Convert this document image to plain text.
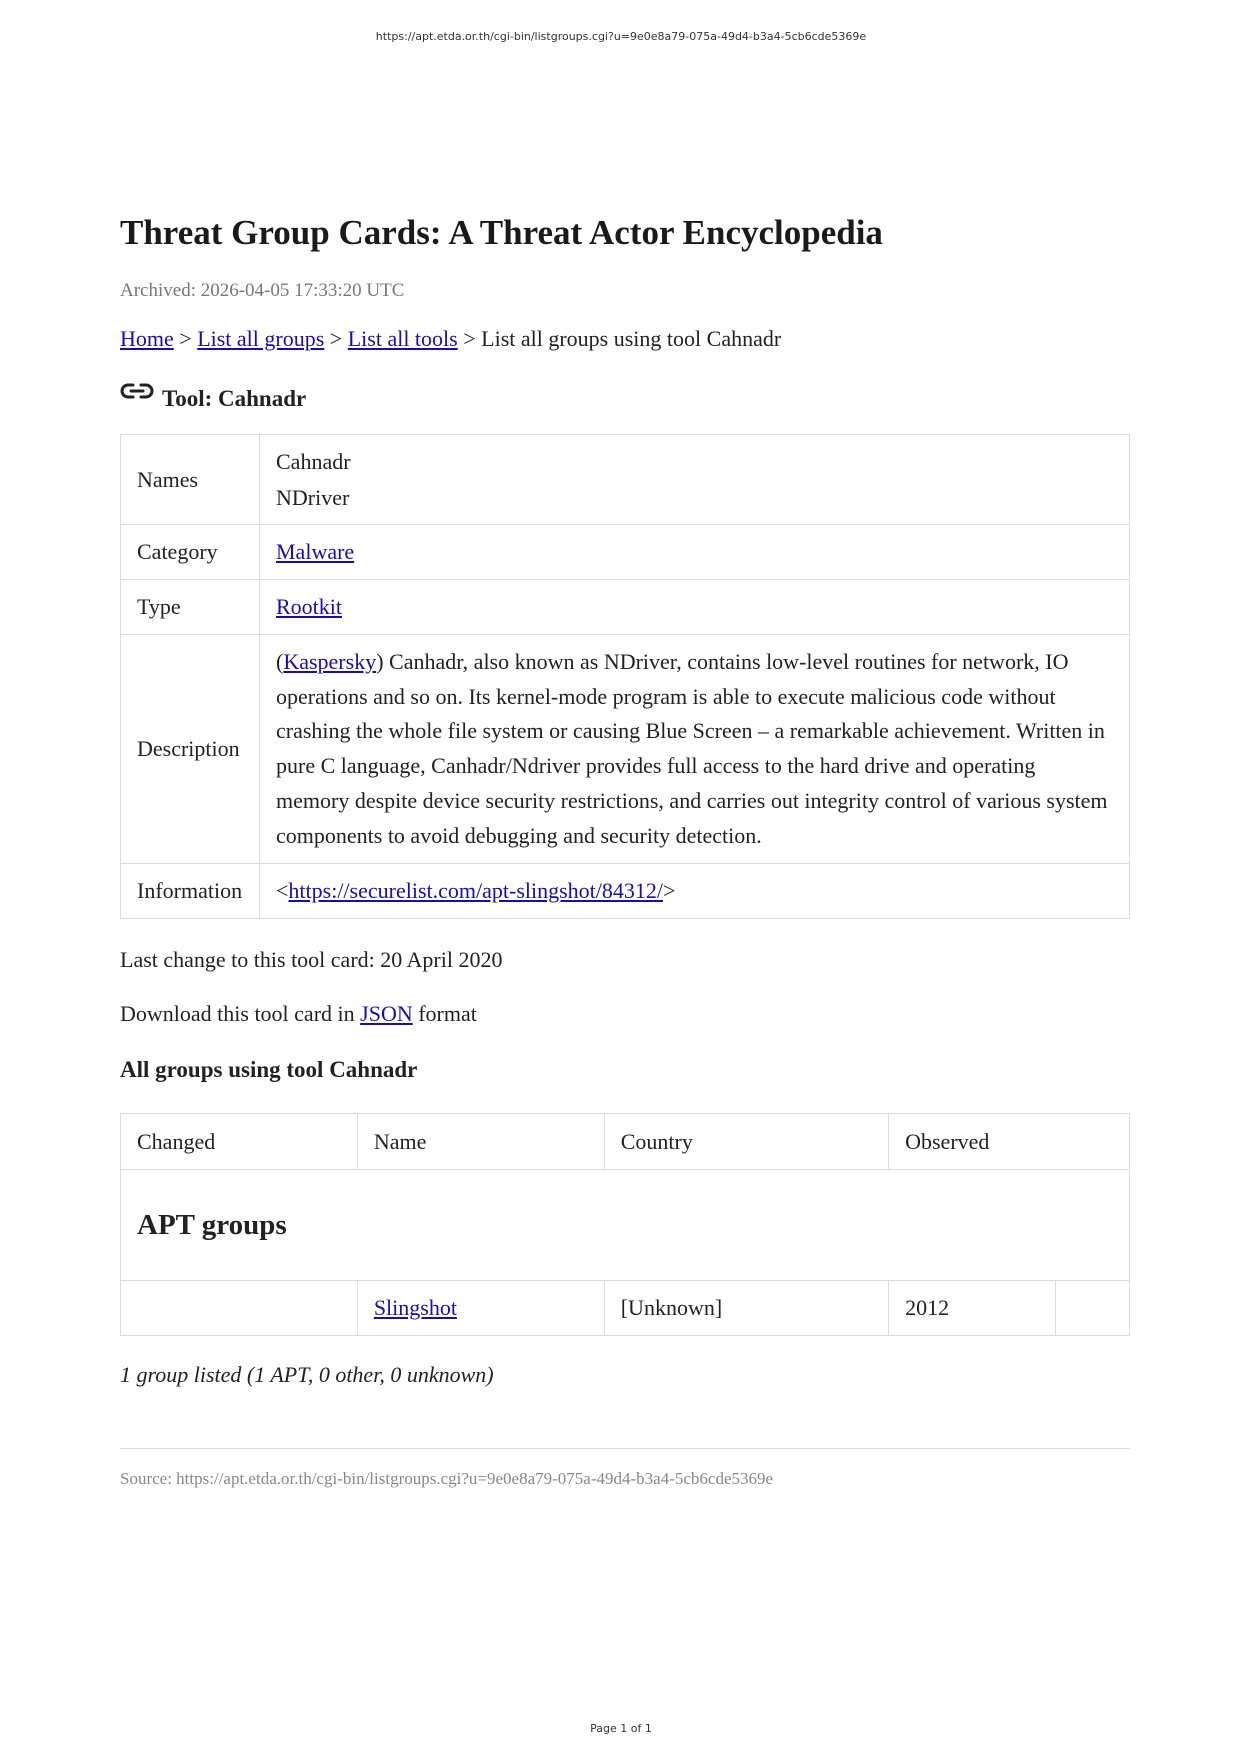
https://apt.etda.or.th/cgi-bin/listgroups.cgi?u=9e0e8a79-075a-49d4-b3a4-5cb6cde5369e
Threat Group Cards: A Threat Actor Encyclopedia
Archived: 2026-04-05 17:33:20 UTC
Home > List all groups > List all tools > List all groups using tool Cahnadr
Tool: Cahnadr
Names	Cahnadr
NDriver

Category	Malware
Type	Rootkit
Description	(Kaspersky) Canhadr, also known as NDriver, contains low-level routines for network, IO operations and so on. Its kernel-mode program is able to execute malicious code without crashing the whole file system or causing Blue Screen – a remarkable achievement. Written in pure C language, Canhadr/Ndriver provides full access to the hard drive and operating memory despite device security restrictions, and carries out integrity control of various system components to avoid debugging and security detection.
Information	<https://securelist.com/apt-slingshot/84312/>
Last change to this tool card: 20 April 2020
Download this tool card in JSON format
All groups using tool Cahnadr
Changed	Name	Country	Observed	
APT groups				
	Slingshot	[Unknown]	2012	
1 group listed (1 APT, 0 other, 0 unknown)
Source: https://apt.etda.or.th/cgi-bin/listgroups.cgi?u=9e0e8a79-075a-49d4-b3a4-5cb6cde5369e
Page 1 of 1
